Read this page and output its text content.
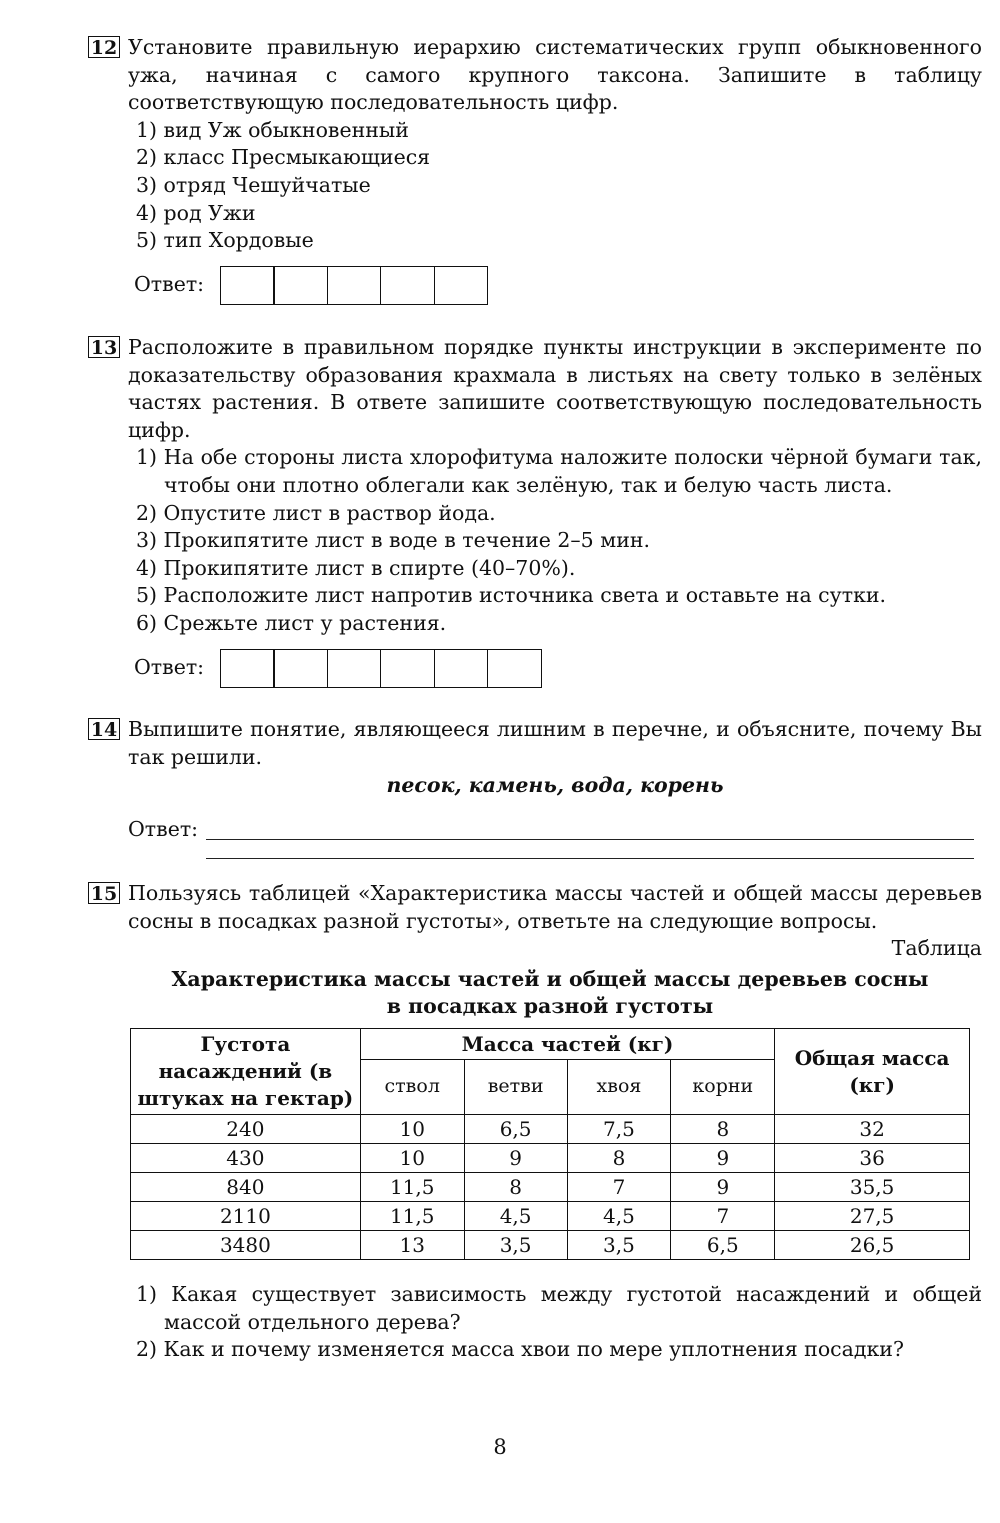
12 Установите правильную иерархию систематических групп обыкновенного ужа, начиная с самого крупного таксона. Запишите в таблицу соответствующую последовательность цифр.

1) вид Уж обыкновенный
2) класс Пресмыкающиеся
3) отряд Чешуйчатые
4) род Ужи
5) тип Хордовые
Ответ:
13 Расположите в правильном порядке пункты инструкции в эксперименте по доказательству образования крахмала в листьях на свету только в зелёных частях растения. В ответе запишите соответствующую последовательность цифр.

1) На обе стороны листа хлорофитума наложите полоски чёрной бумаги так, чтобы они плотно облегали как зелёную, так и белую часть листа.
2) Опустите лист в раствор йода.
3) Прокипятите лист в воде в течение 2–5 мин.
4) Прокипятите лист в спирте (40–70%).
5) Расположите лист напротив источника света и оставьте на сутки.
6) Срежьте лист у растения.
Ответ:
14 Выпишите понятие, являющееся лишним в перечне, и объясните, почему Вы так решили.

песок, камень, вода, корень
Ответ:
15 Пользуясь таблицей «Характеристика массы частей и общей массы деревьев сосны в посадках разной густоты», ответьте на следующие вопросы.

Таблица
Характеристика массы частей и общей массы деревьев сосны
в посадках разной густоты
Густота насаждений (в штуках на гектар)	Масса частей (кг)				Общая масса (кг)
	ствол	ветви	хвоя	корни	
240	10	6,5	7,5	8	32
430	10	9	8	9	36
840	11,5	8	7	9	35,5
2110	11,5	4,5	4,5	7	27,5
3480	13	3,5	3,5	6,5	26,5
1) Какая существует зависимость между густотой насаждений и общей массой отдельного дерева?
2) Как и почему изменяется масса хвои по мере уплотнения посадки?
8
